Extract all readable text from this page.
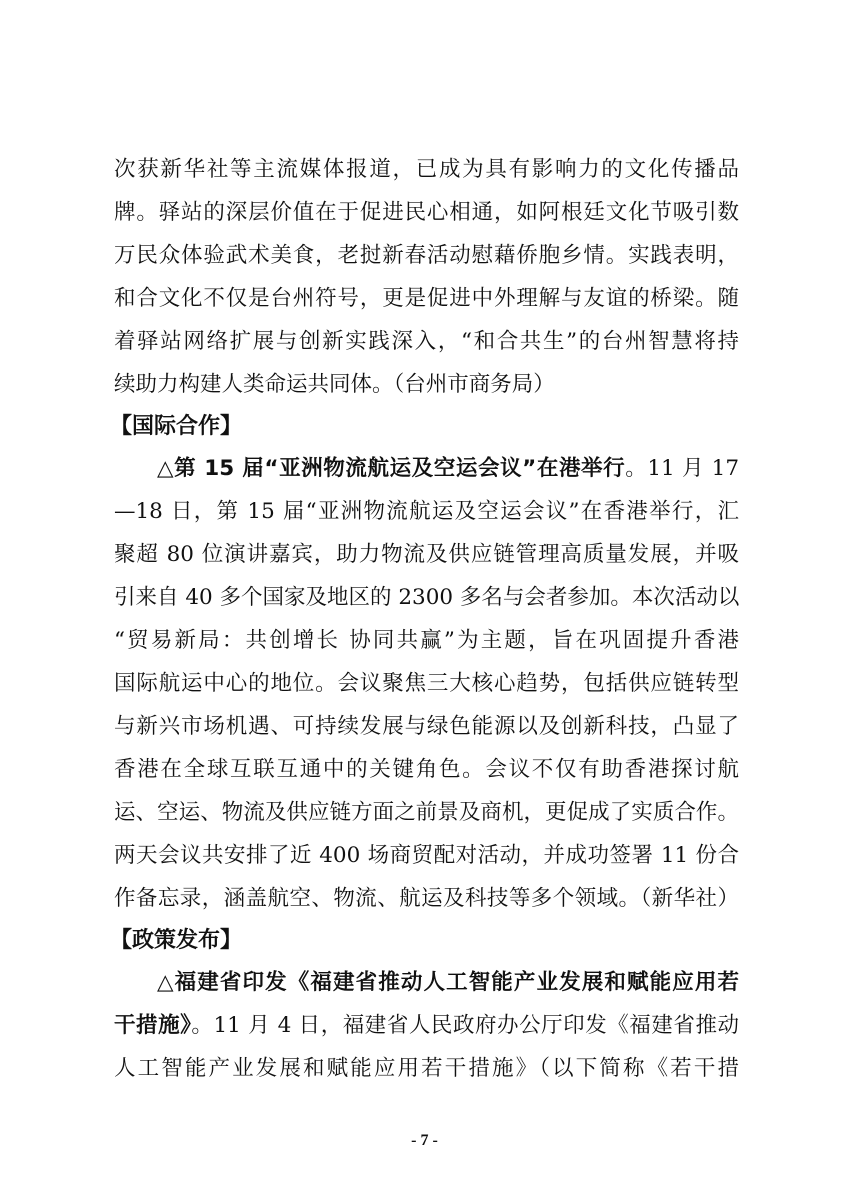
次获新华社等主流媒体报道，已成为具有影响力的文化传播品
牌。驿站的深层价值在于促进民心相通，如阿根廷文化节吸引数
万民众体验武术美食，老挝新春活动慰藉侨胞乡情。实践表明，
和合文化不仅是台州符号，更是促进中外理解与友谊的桥梁。随
着驿站网络扩展与创新实践深入，“和合共生”的台州智慧将持
续助力构建人类命运共同体。（台州市商务局）
【国际合作】
△第 15 届“亚洲物流航运及空运会议”在港举行。11 月 17
—18 日，第 15 届“亚洲物流航运及空运会议”在香港举行，汇
聚超 80 位演讲嘉宾，助力物流及供应链管理高质量发展，并吸
引来自 40 多个国家及地区的 2300 多名与会者参加。本次活动以
“贸易新局：共创增长 协同共赢”为主题，旨在巩固提升香港
国际航运中心的地位。会议聚焦三大核心趋势，包括供应链转型
与新兴市场机遇、可持续发展与绿色能源以及创新科技，凸显了
香港在全球互联互通中的关键角色。会议不仅有助香港探讨航
运、空运、物流及供应链方面之前景及商机，更促成了实质合作。
两天会议共安排了近 400 场商贸配对活动，并成功签署 11 份合
作备忘录，涵盖航空、物流、航运及科技等多个领域。（新华社）
【政策发布】
△福建省印发《福建省推动人工智能产业发展和赋能应用若
干措施》。11 月 4 日，福建省人民政府办公厅印发《福建省推动
人工智能产业发展和赋能应用若干措施》（以下简称《若干措
- 7 -
